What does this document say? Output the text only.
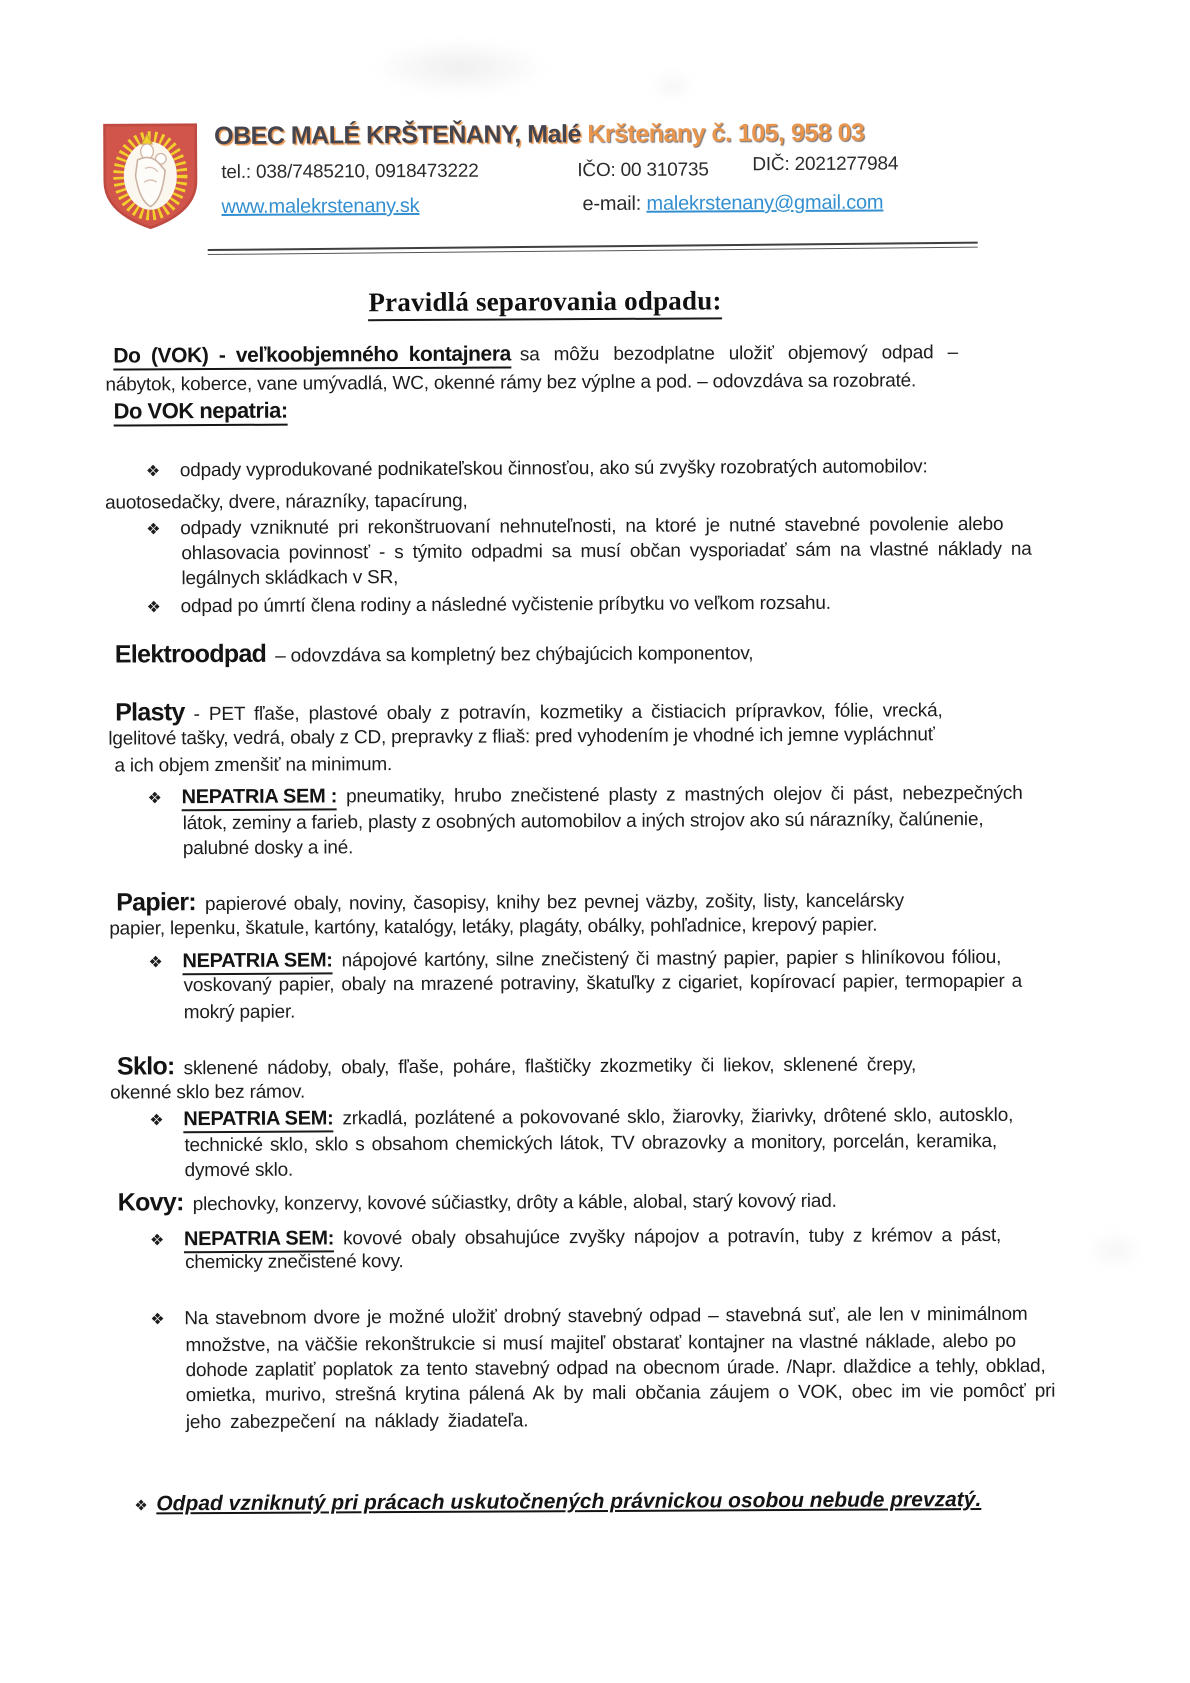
OBEC MALÉ KRŠTEŇANY, Malé Kršteňany č. 105, 958 03
tel.: 038/7485210, 0918473222	IČO: 00 310735 DIČ: 2021277984
www.malekrstenany.sk	e-mail: malekrstenany@gmail.com
Pravidlá separovania odpadu:
Do (VOK) - veľkoobjemného kontajnera sa môžu bezodplatne uložiť objemový odpad –
nábytok, koberce, vane umývadlá, WC, okenné rámy bez výplne a pod. – odovzdáva sa rozobraté.
Do VOK nepatria:
❖ odpady vyprodukované podnikateľskou činnosťou, ako sú zvyšky rozobratých automobilov:
auotosedačky, dvere, nárazníky, tapacírung,
❖ odpady vzniknuté pri rekonštruovaní nehnuteľnosti, na ktoré je nutné stavebné povolenie alebo
ohlasovacia povinnosť - s týmito odpadmi sa musí občan vysporiadať sám na vlastné náklady na
legálnych skládkach v SR,
❖ odpad po úmrtí člena rodiny a následné vyčistenie príbytku vo veľkom rozsahu.
Elektroodpad – odovzdáva sa kompletný bez chýbajúcich komponentov,
Plasty - PET fľaše, plastové obaly z potravín, kozmetiky a čistiacich prípravkov, fólie, vrecká,
lgelitové tašky, vedrá, obaly z CD, prepravky z fliaš: pred vyhodením je vhodné ich jemne vypláchnuť
a ich objem zmenšiť na minimum.
❖ NEPATRIA SEM : pneumatiky, hrubo znečistené plasty z mastných olejov či pást, nebezpečných
látok, zeminy a farieb, plasty z osobných automobilov a iných strojov ako sú nárazníky, čalúnenie,
palubné dosky a iné.
Papier: papierové obaly, noviny, časopisy, knihy bez pevnej väzby, zošity, listy, kancelársky
papier, lepenku, škatule, kartóny, katalógy, letáky, plagáty, obálky, pohľadnice, krepový papier.
❖ NEPATRIA SEM: nápojové kartóny, silne znečistený či mastný papier, papier s hliníkovou fóliou,
voskovaný papier, obaly na mrazené potraviny, škatuľky z cigariet, kopírovací papier, termopapier a
mokrý papier.
Sklo: sklenené nádoby, obaly, fľaše, poháre, flaštičky zkozmetiky či liekov, sklenené črepy,
okenné sklo bez rámov.
❖ NEPATRIA SEM: zrkadlá, pozlátené a pokovované sklo, žiarovky, žiarivky, drôtené sklo, autosklo,
technické sklo, sklo s obsahom chemických látok, TV obrazovky a monitory, porcelán, keramika,
dymové sklo.
Kovy: plechovky, konzervy, kovové súčiastky, drôty a káble, alobal, starý kovový riad.
❖ NEPATRIA SEM: kovové obaly obsahujúce zvyšky nápojov a potravín, tuby z krémov a pást,
chemicky znečistené kovy.
❖ Na stavebnom dvore je možné uložiť drobný stavebný odpad – stavebná suť, ale len v minimálnom
množstve, na väčšie rekonštrukcie si musí majiteľ obstarať kontajner na vlastné náklade, alebo po
dohode zaplatiť poplatok za tento stavebný odpad na obecnom úrade. /Napr. dlaždice a tehly, obklad,
omietka, murivo, strešná krytina pálená Ak by mali občania záujem o VOK, obec im vie pomôcť pri
jeho zabezpečení na náklady žiadateľa.
❖ Odpad vzniknutý pri prácach uskutočnených právnickou osobou nebude prevzatý.
